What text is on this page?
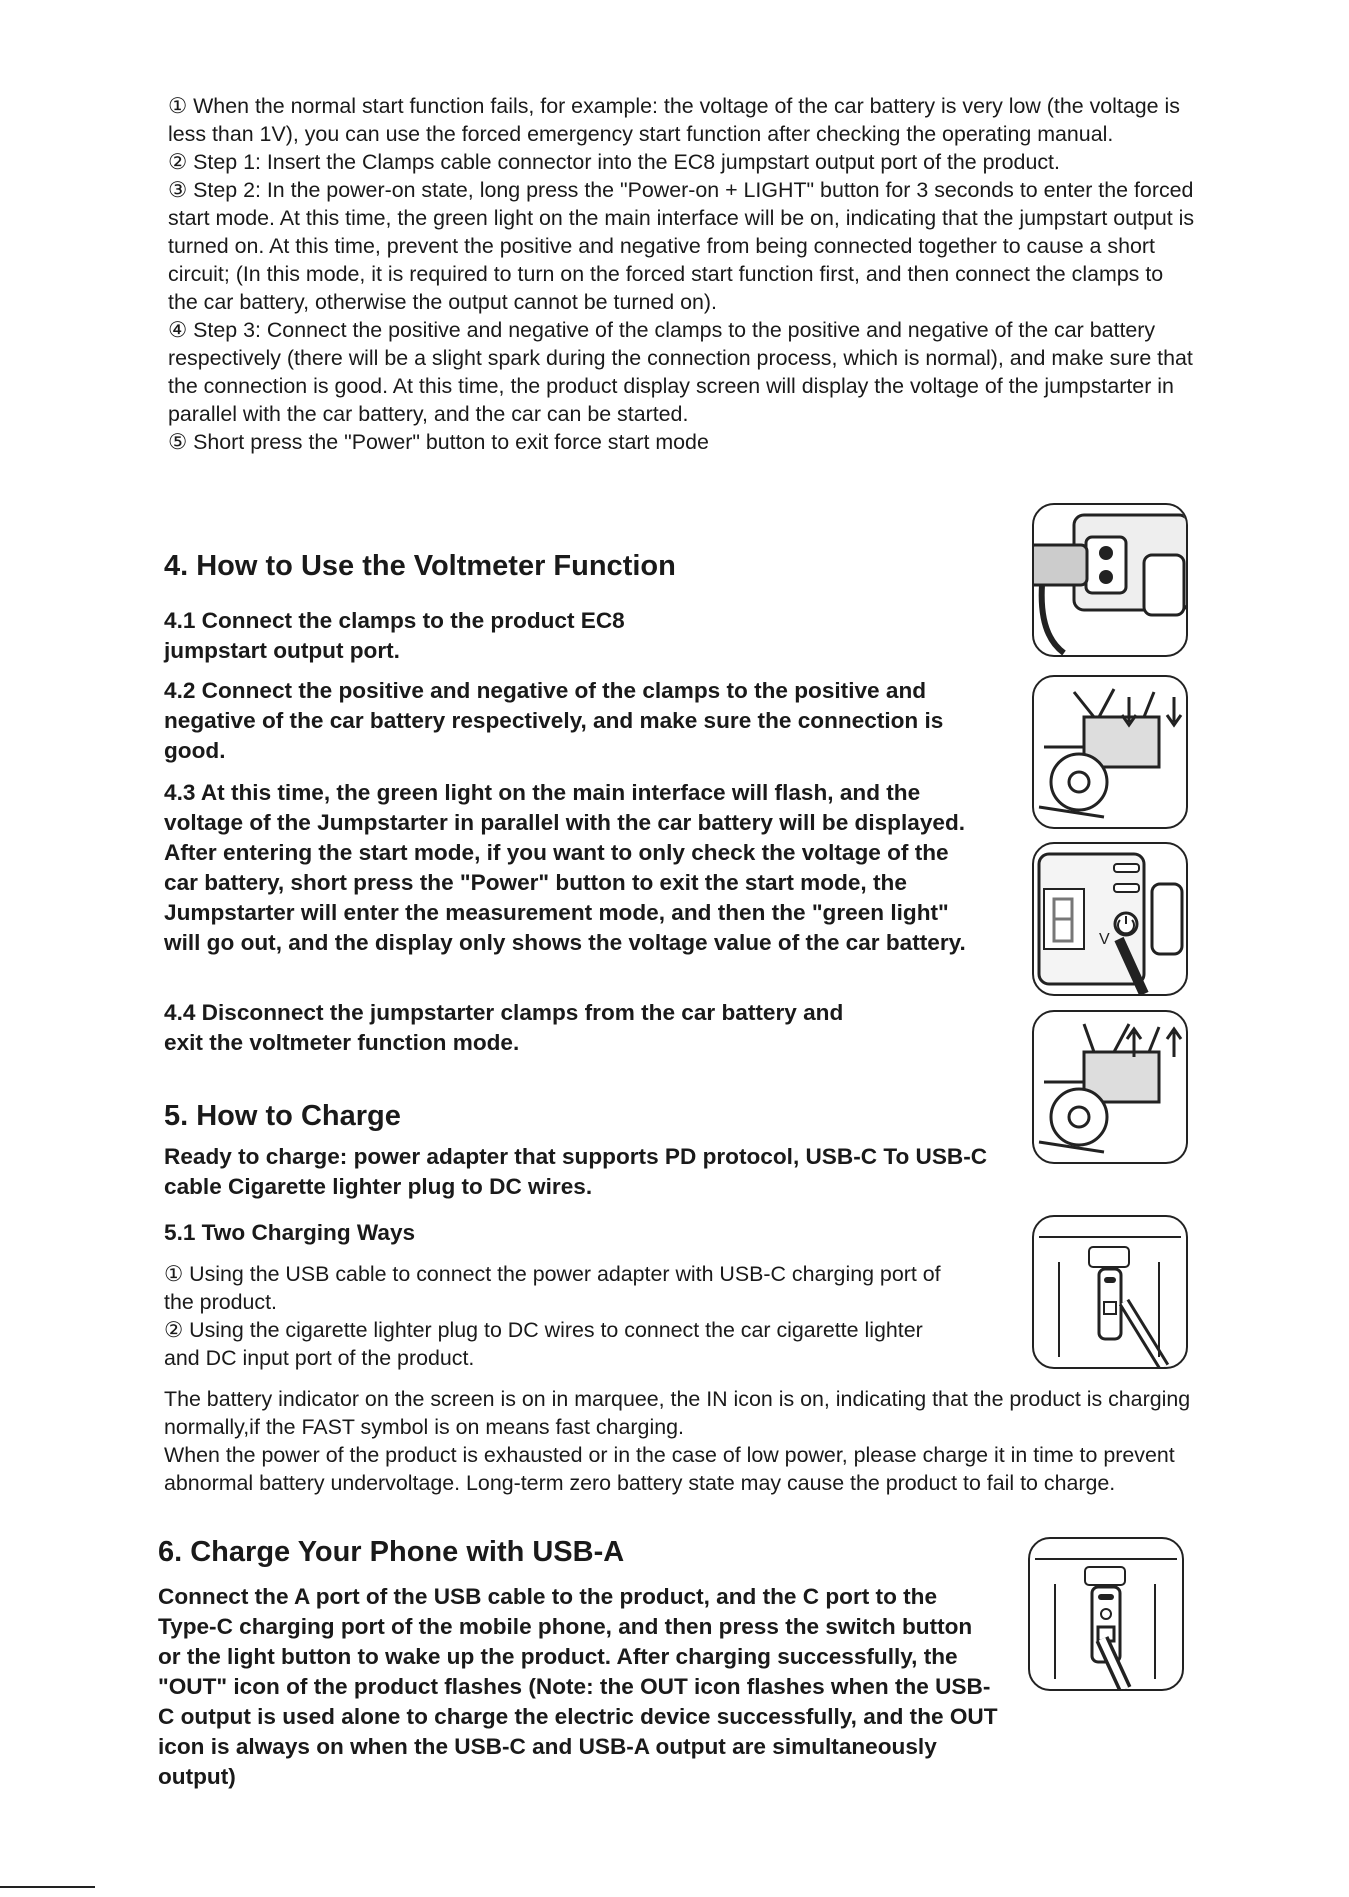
① When the normal start function fails, for example: the voltage of the car battery is very low (the voltage is less than 1V), you can use the forced emergency start function after checking the operating manual.

② Step 1: Insert the Clamps cable connector into the EC8 jumpstart output port of the product.

③ Step 2: In the power-on state, long press the "Power-on + LIGHT" button for 3 seconds to enter the forced start mode. At this time, the green light on the main interface will be on, indicating that the jumpstart output is turned on. At this time, prevent the positive and negative from being connected together to cause a short circuit; (In this mode, it is required to turn on the forced start function first, and then connect the clamps to the car battery, otherwise the output cannot be turned on).

④ Step 3: Connect the positive and negative of the clamps to the positive and negative of the car battery respectively (there will be a slight spark during the connection process, which is normal), and make sure that the connection is good. At this time, the product display screen will display the voltage of the jumpstarter in parallel with the car battery, and the car can be started.

⑤ Short press the "Power" button to exit force start mode

4. How to Use the Voltmeter Function

4.1 Connect the clamps to the product EC8 jumpstart output port.

4.2 Connect the positive and negative of the clamps to the positive and negative of the car battery respectively, and make sure the connection is good.

4.3 At this time, the green light on the main interface will flash, and the voltage of the Jumpstarter in parallel with the car battery will be displayed. After entering the start mode, if you want to only check the voltage of the car battery, short press the "Power" button to exit the start mode, the Jumpstarter will enter the measurement mode, and then the "green light" will go out, and the display only shows the voltage value of the car battery.

4.4 Disconnect the jumpstarter clamps from the car battery and exit the voltmeter function mode.

5. How to Charge

Ready to charge: power adapter that supports PD protocol, USB-C To USB-C cable Cigarette lighter plug to DC wires.

5.1 Two Charging Ways

① Using the USB cable to connect the power adapter with USB-C charging port of the product.

② Using the cigarette lighter plug to DC wires to connect the car cigarette lighter and DC input port of the product.

The battery indicator on the screen is on in marquee, the IN icon is on, indicating that the product is charging normally,if the FAST symbol is on means fast charging.

When the power of the product is exhausted or in the case of low power, please charge it in time to prevent abnormal battery undervoltage. Long-term zero battery state may cause the product to fail to charge.

6. Charge Your Phone with USB-A

Connect the A port of the USB cable to the product, and the C port to the Type-C charging port of the mobile phone, and then press the switch button or the light button to wake up the product. After charging successfully, the "OUT" icon of the product flashes (Note: the OUT icon flashes when the USB-C output is used alone to charge the electric device successfully, and the OUT icon is always on when the USB-C and USB-A output are simultaneously output)

V
